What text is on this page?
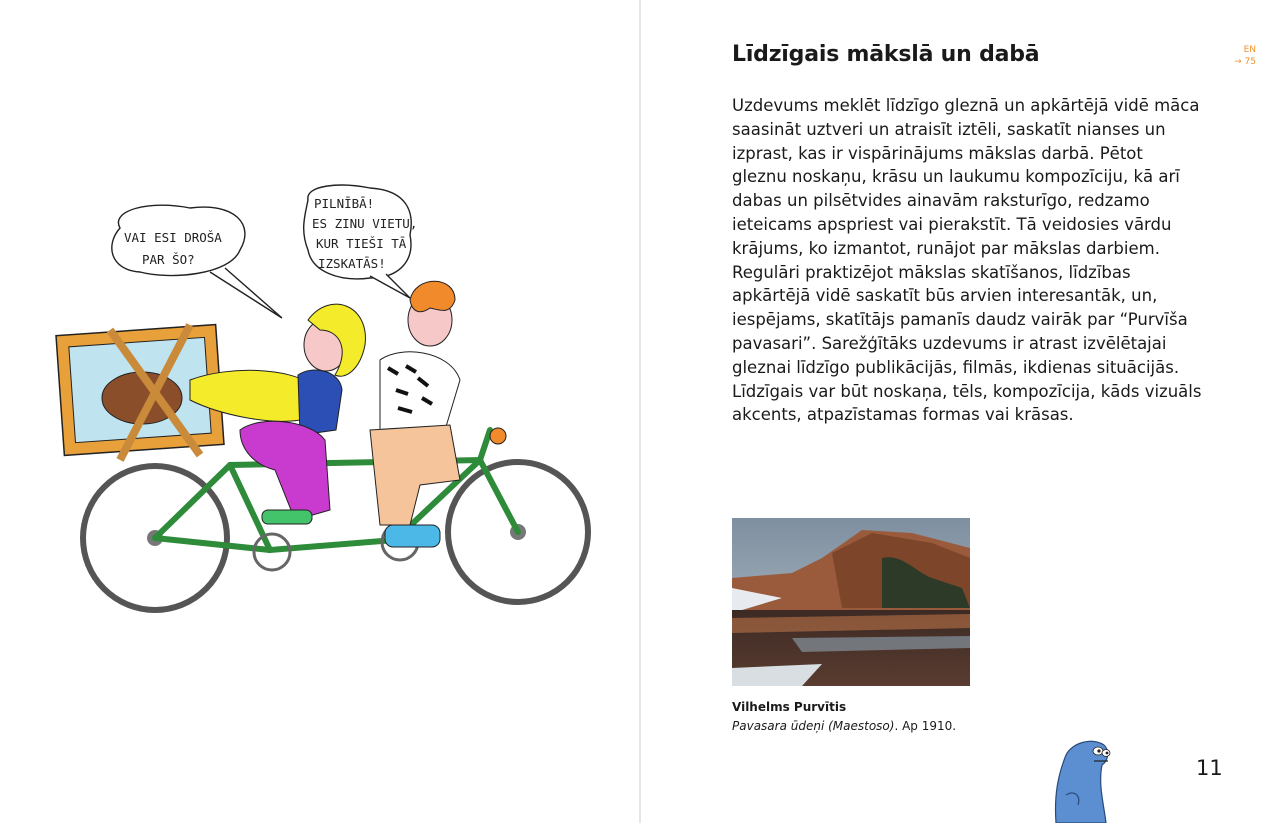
VAI ESI DROŠA
PAR ŠO?
PILNĪBĀ!
ES ZINU VIETU,
KUR TIEŠI TĀ
IZSKATĀS!
Līdzīgais mākslā un dabā	EN
→ 75

Uzdevums meklēt līdzīgo gleznā un apkārtējā vidē māca saasināt uztveri un atraisīt iztēli, saskatīt nianses un izprast, kas ir vispārinājums mākslas darbā. Pētot gleznu noskaņu, krāsu un laukumu kompozīciju, kā arī dabas un pilsētvides ainavām raksturīgo, redzamo ieteicams apspriest vai pierakstīt. Tā veidosies vārdu krājums, ko izmantot, runājot par mākslas darbiem. Regulāri praktizējot mākslas skatīšanos, līdzības apkārtējā vidē saskatīt būs arvien interesantāk, un, iespējams, skatītājs pamanīs daudz vairāk par “Purvīša pavasari”. Sarežģītāks uzdevums ir atrast izvēlētajai gleznai līdzīgo publikācijās, filmās, ikdienas situācijās. Līdzīgais var būt noskaņa, tēls, kompozīcija, kāds vizuāls akcents, atpazīstamas formas vai krāsas.

Vilhelms Purvītis

Pavasara ūdeņi (Maestoso). Ap 1910.

11
